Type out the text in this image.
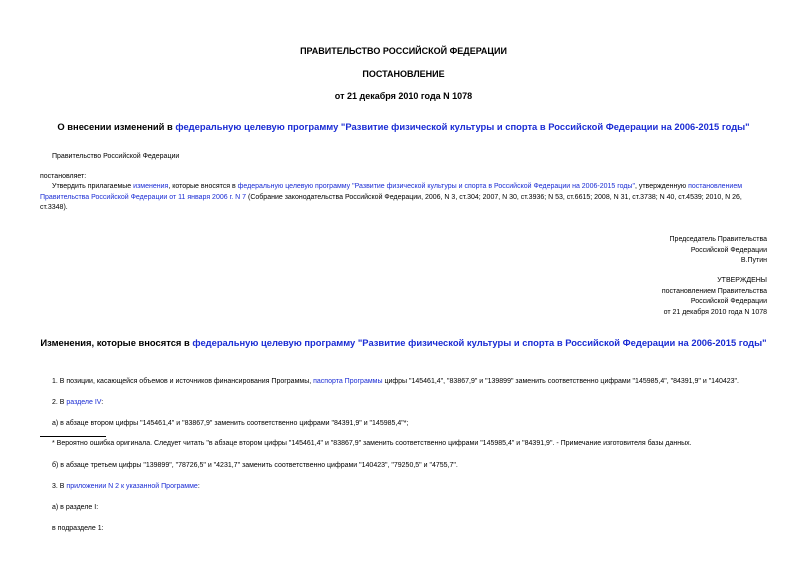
ПРАВИТЕЛЬСТВО РОССИЙСКОЙ ФЕДЕРАЦИИ
ПОСТАНОВЛЕНИЕ
от 21 декабря 2010 года N 1078
О внесении изменений в федеральную целевую программу "Развитие физической культуры и спорта в Российской Федерации на 2006-2015 годы"
Правительство Российской Федерации
постановляет:
Утвердить прилагаемые изменения, которые вносятся в федеральную целевую программу "Развитие физической культуры и спорта в Российской Федерации на 2006-2015 годы", утвержденную постановлением
Правительства Российской Федерации от 11 января 2006 г. N 7 (Собрание законодательства Российской Федерации, 2006, N 3, ст.304; 2007, N 30, ст.3936; N 53, ст.6615; 2008, N 31, ст.3738; N 40, ст.4539; 2010, N 26,
ст.3348).
Председатель Правительства
Российской Федерации
В.Путин
УТВЕРЖДЕНЫ
постановлением Правительства
Российской Федерации
от 21 декабря 2010 года N 1078
Изменения, которые вносятся в федеральную целевую программу "Развитие физической культуры и спорта в Российской Федерации на 2006-2015 годы"
1. В позиции, касающейся объемов и источников финансирования Программы, паспорта Программы цифры "145461,4", "83867,9" и "139899" заменить соответственно цифрами "145985,4", "84391,9" и "140423".
2. В разделе IV:
а) в абзаце втором цифры "145461,4" и "83867,9" заменить соответственно цифрами "84391,9" и "145985,4"*;
* Вероятно ошибка оригинала. Следует читать "в абзаце втором цифры "145461,4" и "83867,9" заменить соответственно цифрами "145985,4" и "84391,9". - Примечание изготовителя базы данных.
б) в абзаце третьем цифры "139899", "78726,5" и "4231,7" заменить соответственно цифрами "140423", "79250,5" и "4755,7".
3. В приложении N 2 к указанной Программе:
а) в разделе I:
в подразделе 1:
